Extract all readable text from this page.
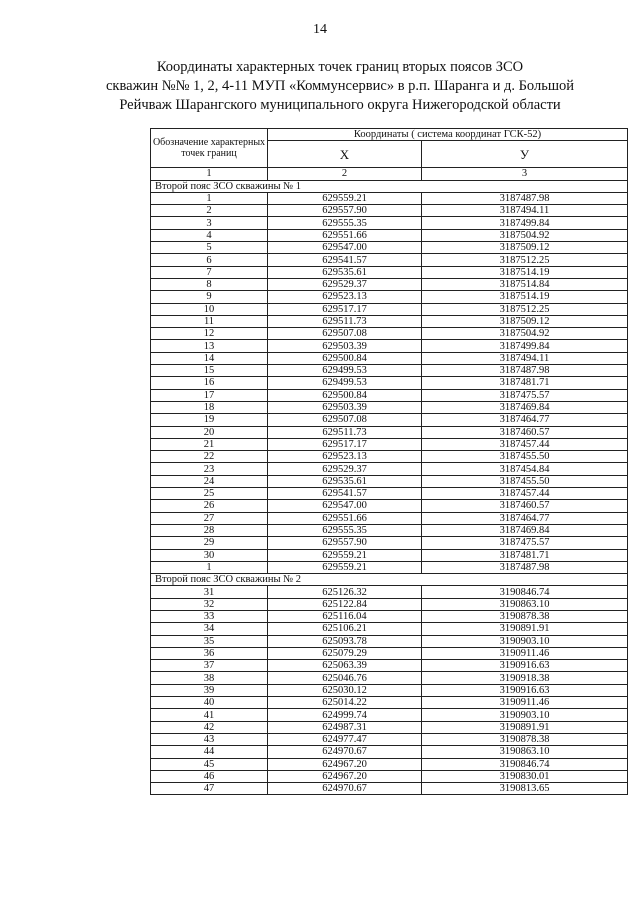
14
Координаты характерных точек границ вторых поясов ЗСО
скважин №№ 1, 2, 4-11 МУП «Коммунсервис» в р.п. Шаранга и д. Большой
Рейчваж Шарангского муниципального округа Нижегородской области
Обозначение характерных точек границ	Координаты ( система координат ГСК-52)	
	X	У
1	2	3
Второй пояс ЗСО скважины № 1		
1	629559.21	3187487.98
2	629557.90	3187494.11
3	629555.35	3187499.84
4	629551.66	3187504.92
5	629547.00	3187509.12
6	629541.57	3187512.25
7	629535.61	3187514.19
8	629529.37	3187514.84
9	629523.13	3187514.19
10	629517.17	3187512.25
11	629511.73	3187509.12
12	629507.08	3187504.92
13	629503.39	3187499.84
14	629500.84	3187494.11
15	629499.53	3187487.98
16	629499.53	3187481.71
17	629500.84	3187475.57
18	629503.39	3187469.84
19	629507.08	3187464.77
20	629511.73	3187460.57
21	629517.17	3187457.44
22	629523.13	3187455.50
23	629529.37	3187454.84
24	629535.61	3187455.50
25	629541.57	3187457.44
26	629547.00	3187460.57
27	629551.66	3187464.77
28	629555.35	3187469.84
29	629557.90	3187475.57
30	629559.21	3187481.71
1	629559.21	3187487.98
Второй пояс ЗСО скважины № 2		
31	625126.32	3190846.74
32	625122.84	3190863.10
33	625116.04	3190878.38
34	625106.21	3190891.91
35	625093.78	3190903.10
36	625079.29	3190911.46
37	625063.39	3190916.63
38	625046.76	3190918.38
39	625030.12	3190916.63
40	625014.22	3190911.46
41	624999.74	3190903.10
42	624987.31	3190891.91
43	624977.47	3190878.38
44	624970.67	3190863.10
45	624967.20	3190846.74
46	624967.20	3190830.01
47	624970.67	3190813.65
